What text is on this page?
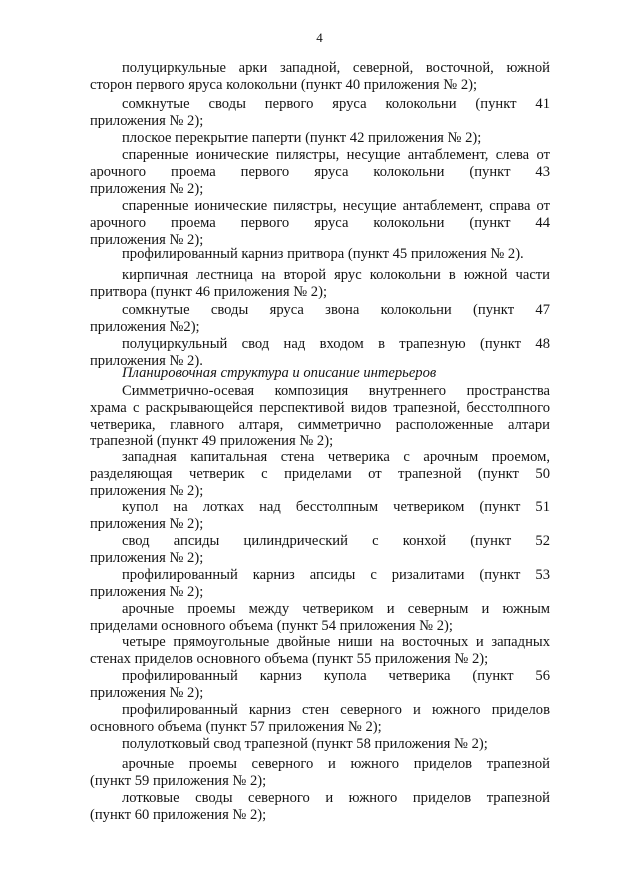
4
полуциркульные арки западной, северной, восточной, южной
сторон первого яруса колокольни (пункт 40 приложения № 2);
сомкнутые своды первого яруса колокольни (пункт 41
приложения № 2);
плоское перекрытие паперти (пункт 42 приложения № 2);
спаренные ионические пилястры, несущие антаблемент, слева от
арочного проема первого яруса колокольни (пункт 43
приложения № 2);
спаренные ионические пилястры, несущие антаблемент, справа от
арочного проема первого яруса колокольни (пункт 44
приложения № 2);
профилированный карниз притвора (пункт 45 приложения № 2).
кирпичная лестница на второй ярус колокольни в южной части
притвора (пункт 46 приложения № 2);
сомкнутые своды яруса звона колокольни (пункт 47
приложения №2);
полуциркульный свод над входом в трапезную (пункт 48
приложения № 2).
Планировочная структура и описание интерьеров
Симметрично-осевая композиция внутреннего пространства
храма с раскрывающейся перспективой видов трапезной, бесстолпного
четверика, главного алтаря, симметрично расположенные алтари
трапезной (пункт 49 приложения № 2);
западная капитальная стена четверика с арочным проемом,
разделяющая четверик с приделами от трапезной (пункт 50
приложения № 2);
купол на лотках над бесстолпным четвериком (пункт 51
приложения № 2);
свод апсиды цилиндрический с конхой (пункт 52
приложения № 2);
профилированный карниз апсиды с ризалитами (пункт 53
приложения № 2);
арочные проемы между четвериком и северным и южным
приделами основного объема (пункт 54 приложения № 2);
четыре прямоугольные двойные ниши на восточных и западных
стенах приделов основного объема (пункт 55 приложения № 2);
профилированный карниз купола четверика (пункт 56
приложения № 2);
профилированный карниз стен северного и южного приделов
основного объема (пункт 57 приложения № 2);
полулотковый свод трапезной (пункт 58 приложения № 2);
арочные проемы северного и южного приделов трапезной
(пункт 59 приложения № 2);
лотковые своды северного и южного приделов трапезной
(пункт 60 приложения № 2);
